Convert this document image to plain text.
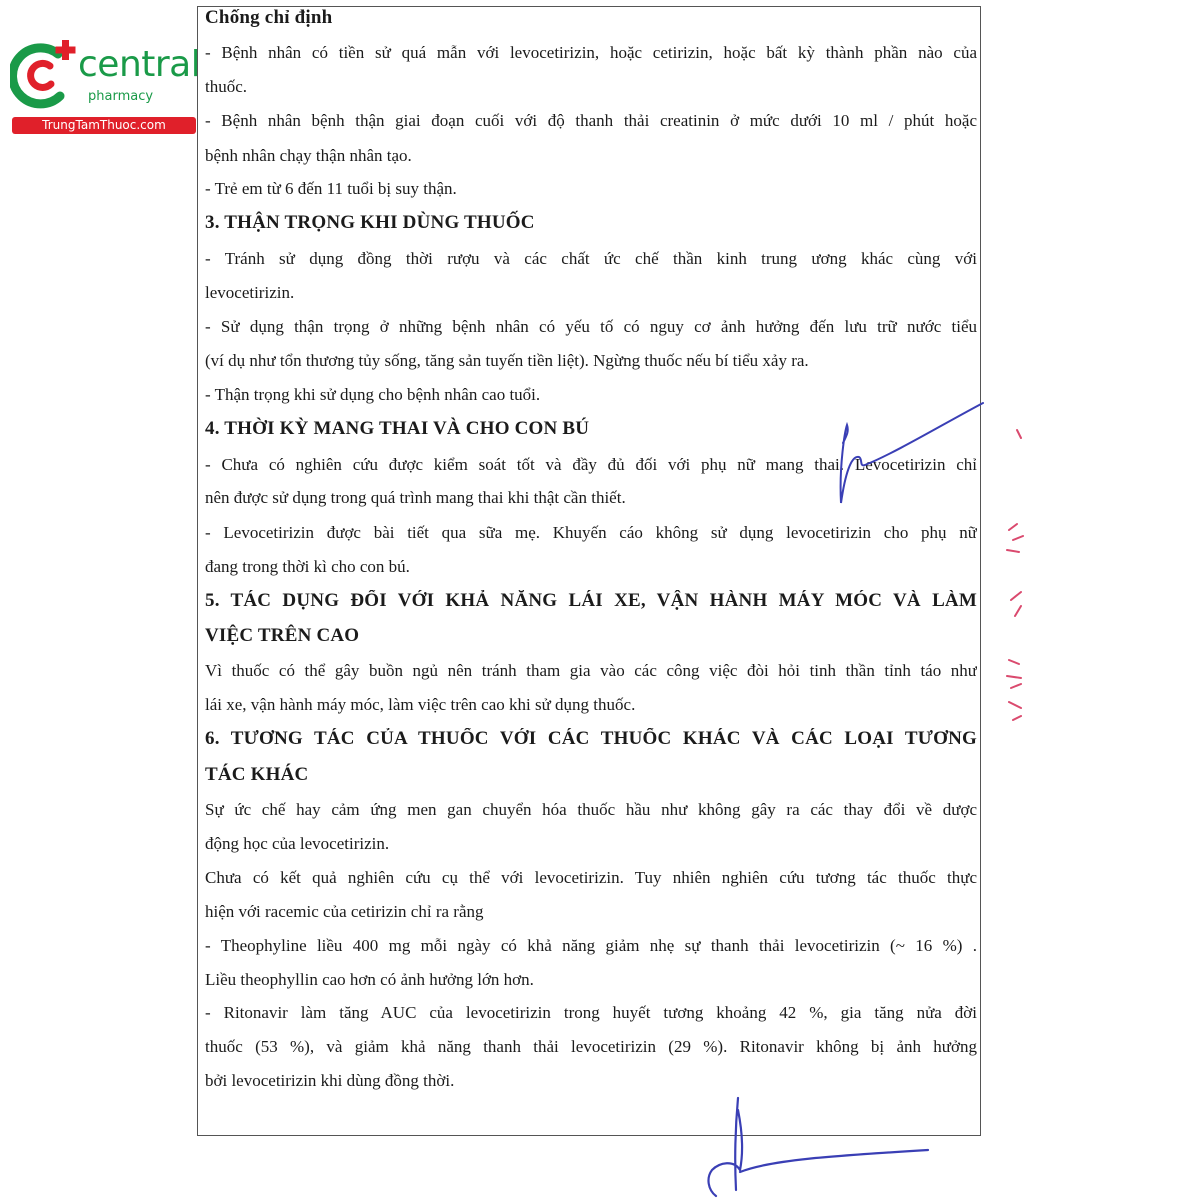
central
pharmacy
TrungTamThuoc.com
Chống chỉ định
- Bệnh nhân có tiền sử quá mẫn với levocetirizin, hoặc cetirizin, hoặc bất kỳ thành phần nào của
thuốc.
- Bệnh nhân bệnh thận giai đoạn cuối với độ thanh thải creatinin ở mức dưới 10 ml / phút hoặc
bệnh nhân chạy thận nhân tạo.
- Trẻ em từ 6 đến 11 tuổi bị suy thận.
3. THẬN TRỌNG KHI DÙNG THUỐC
- Tránh sử dụng đồng thời rượu và các chất ức chế thần kinh trung ương khác cùng với
levocetirizin.
- Sử dụng thận trọng ở những bệnh nhân có yếu tố có nguy cơ ảnh hưởng đến lưu trữ nước tiểu
(ví dụ như tổn thương tủy sống, tăng sản tuyến tiền liệt). Ngừng thuốc nếu bí tiểu xảy ra.
- Thận trọng khi sử dụng cho bệnh nhân cao tuổi.
4. THỜI KỲ MANG THAI VÀ CHO CON BÚ
- Chưa có nghiên cứu được kiểm soát tốt và đầy đủ đối với phụ nữ mang thai. Levocetirizin chỉ
nên được sử dụng trong quá trình mang thai khi thật cần thiết.
- Levocetirizin được bài tiết qua sữa mẹ. Khuyến cáo không sử dụng levocetirizin cho phụ nữ
đang trong thời kì cho con bú.
5. TÁC DỤNG ĐỐI VỚI KHẢ NĂNG LÁI XE, VẬN HÀNH MÁY MÓC VÀ LÀM
VIỆC TRÊN CAO
Vì thuốc có thể gây buồn ngủ nên tránh tham gia vào các công việc đòi hỏi tinh thần tỉnh táo như
lái xe, vận hành máy móc, làm việc trên cao khi sử dụng thuốc.
6. TƯƠNG TÁC CỦA THUỐC VỚI CÁC THUỐC KHÁC VÀ CÁC LOẠI TƯƠNG
TÁC KHÁC
Sự ức chế hay cảm ứng men gan chuyển hóa thuốc hầu như không gây ra các thay đổi về dược
động học của levocetirizin.
Chưa có kết quả nghiên cứu cụ thể với levocetirizin. Tuy nhiên nghiên cứu tương tác thuốc thực
hiện với racemic của cetirizin chỉ ra rằng
- Theophyline liều 400 mg mỗi ngày có khả năng giảm nhẹ sự thanh thải levocetirizin (~ 16 %) .
Liều theophyllin cao hơn có ảnh hưởng lớn hơn.
- Ritonavir làm tăng AUC của levocetirizin trong huyết tương khoảng 42 %, gia tăng nửa đời
thuốc (53 %), và giảm khả năng thanh thải levocetirizin (29 %). Ritonavir không bị ảnh hưởng
bởi levocetirizin khi dùng đồng thời.
